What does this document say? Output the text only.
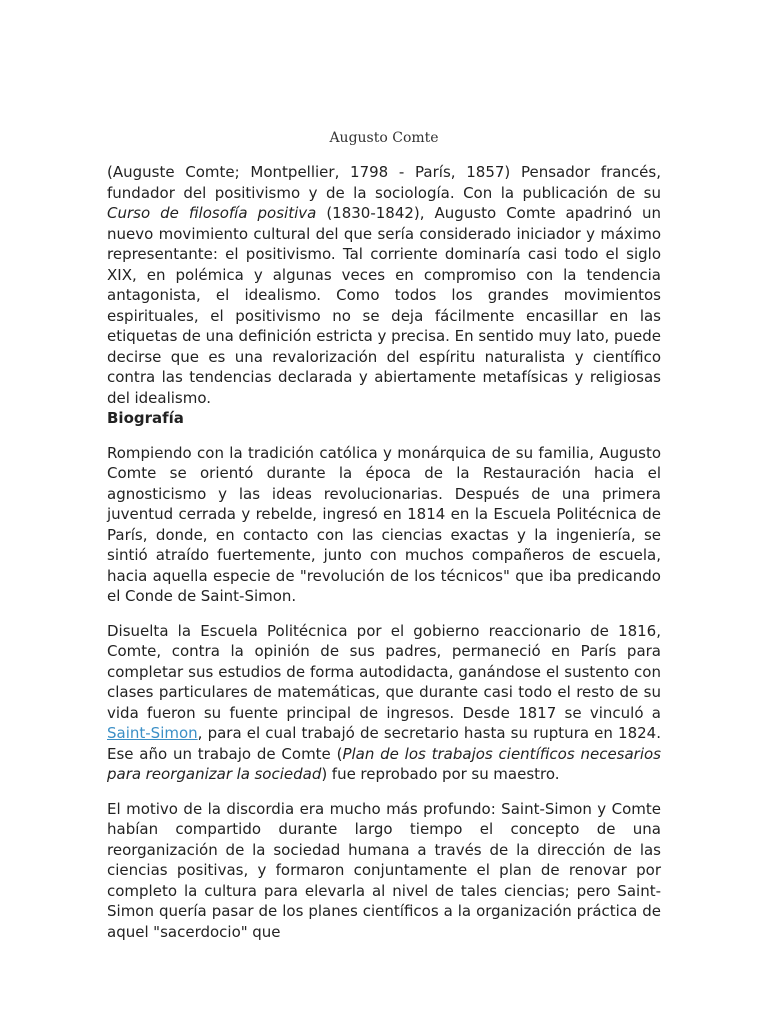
Augusto Comte

(Auguste Comte; Montpellier, 1798 - París, 1857) Pensador francés, fundador del positivismo y de la sociología. Con la publicación de su Curso de filosofía positiva (1830-1842), Augusto Comte apadrinó un nuevo movimiento cultural del que sería considerado iniciador y máximo representante: el positivismo. Tal corriente dominaría casi todo el siglo XIX, en polémica y algunas veces en compromiso con la tendencia antagonista, el idealismo. Como todos los grandes movimientos espirituales, el positivismo no se deja fácilmente encasillar en las etiquetas de una definición estricta y precisa. En sentido muy lato, puede decirse que es una revalorización del espíritu naturalista y científico contra las tendencias declarada y abiertamente metafísicas y religiosas del idealismo.

Biografía

Rompiendo con la tradición católica y monárquica de su familia, Augusto Comte se orientó durante la época de la Restauración hacia el agnosticismo y las ideas revolucionarias. Después de una primera juventud cerrada y rebelde, ingresó en 1814 en la Escuela Politécnica de París, donde, en contacto con las ciencias exactas y la ingeniería, se sintió atraído fuertemente, junto con muchos compañeros de escuela, hacia aquella especie de "revolución de los técnicos" que iba predicando el Conde de Saint-Simon.

Disuelta la Escuela Politécnica por el gobierno reaccionario de 1816, Comte, contra la opinión de sus padres, permaneció en París para completar sus estudios de forma autodidacta, ganándose el sustento con clases particulares de matemáticas, que durante casi todo el resto de su vida fueron su fuente principal de ingresos. Desde 1817 se vinculó a Saint-Simon, para el cual trabajó de secretario hasta su ruptura en 1824. Ese año un trabajo de Comte (Plan de los trabajos científicos necesarios para reorganizar la sociedad) fue reprobado por su maestro.

El motivo de la discordia era mucho más profundo: Saint-Simon y Comte habían compartido durante largo tiempo el concepto de una reorganización de la sociedad humana a través de la dirección de las ciencias positivas, y formaron conjuntamente el plan de renovar por completo la cultura para elevarla al nivel de tales ciencias; pero Saint-Simon quería pasar de los planes científicos a la organización práctica de aquel "sacerdocio" que
